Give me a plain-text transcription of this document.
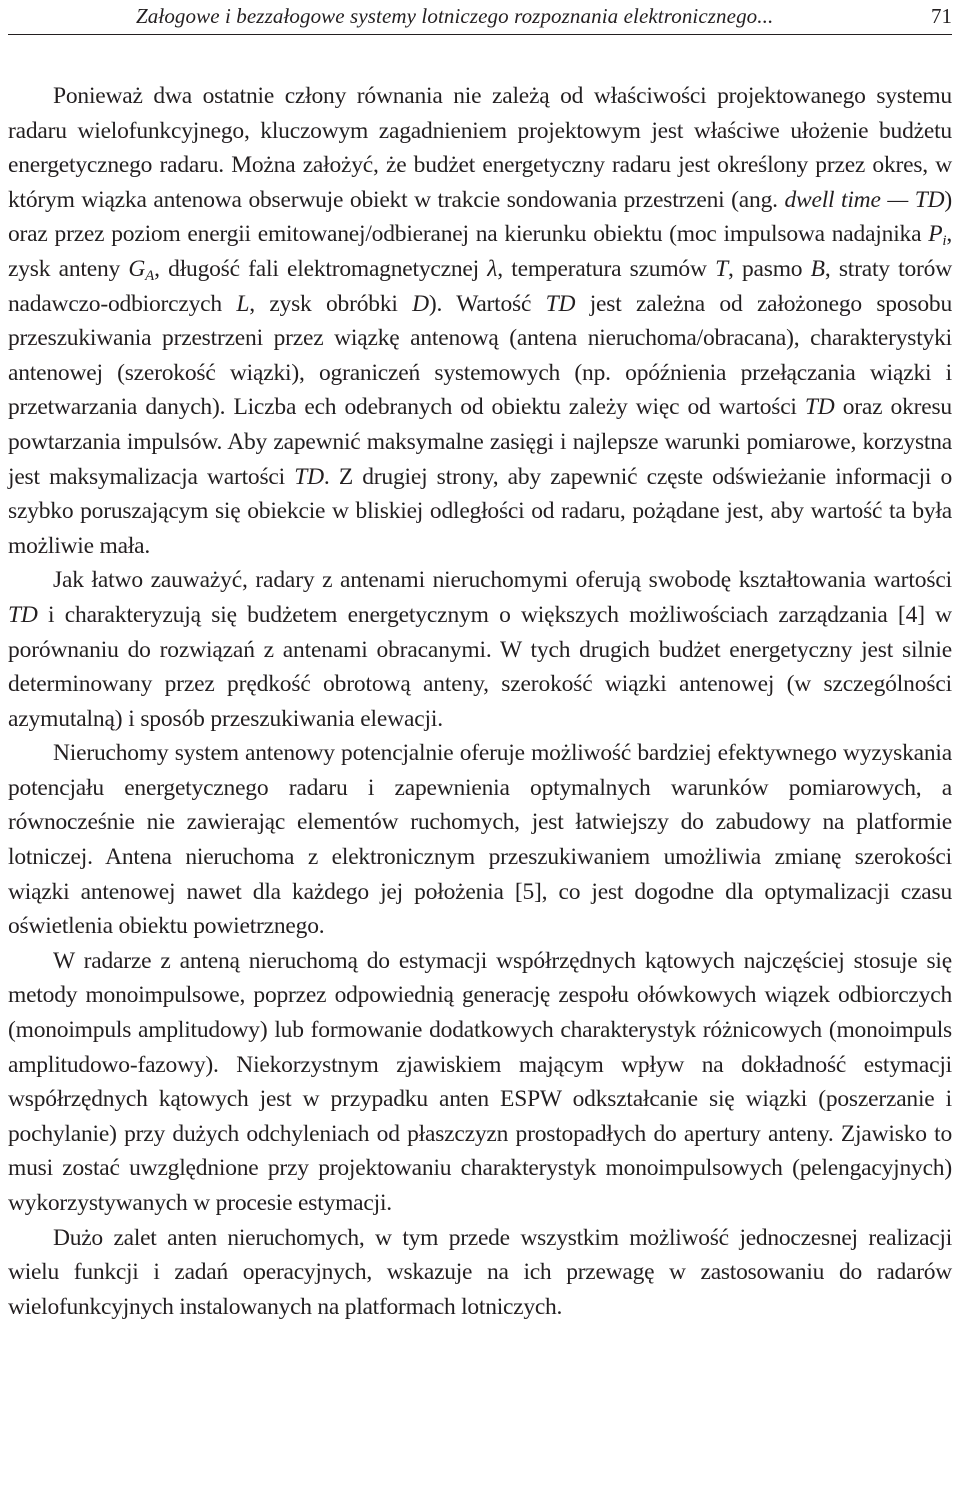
Załogowe i bezzałogowe systemy lotniczego rozpoznania elektronicznego...	71

Ponieważ dwa ostatnie człony równania nie zależą od właściwości projektowanego systemu radaru wielofunkcyjnego, kluczowym zagadnieniem projektowym jest właściwe ułożenie budżetu energetycznego radaru. Można założyć, że budżet energetyczny radaru jest określony przez okres, w którym wiązka antenowa obserwuje obiekt w trakcie sondowania przestrzeni (ang. dwell time — TD) oraz przez poziom energii emitowanej/odbieranej na kierunku obiektu (moc impulsowa nadajnika $P_i$, zysk anteny $G_A$, długość fali elektromagnetycznej λ, temperatura szumów T, pasmo B, straty torów nadawczo-odbiorczych L, zysk obróbki D). Wartość TD jest zależna od założonego sposobu przeszukiwania przestrzeni przez wiązkę antenową (antena nieruchoma/obracana), charakterystyki antenowej (szerokość wiązki), ograniczeń systemowych (np. opóźnienia przełączania wiązki i przetwarzania danych). Liczba ech odebranych od obiektu zależy więc od wartości TD oraz okresu powtarzania impulsów. Aby zapewnić maksymalne zasięgi i najlepsze warunki pomiarowe, korzystna jest maksymalizacja wartości TD. Z drugiej strony, aby zapewnić częste odświeżanie informacji o szybko poruszającym się obiekcie w bliskiej odległości od radaru, pożądane jest, aby wartość ta była możliwie mała.

Jak łatwo zauważyć, radary z antenami nieruchomymi oferują swobodę kształtowania wartości TD i charakteryzują się budżetem energetycznym o większych możliwościach zarządzania [4] w porównaniu do rozwiązań z antenami obracanymi. W tych drugich budżet energetyczny jest silnie determinowany przez prędkość obrotową anteny, szerokość wiązki antenowej (w szczególności azymutalną) i sposób przeszukiwania elewacji.

Nieruchomy system antenowy potencjalnie oferuje możliwość bardziej efektywnego wyzyskania potencjału energetycznego radaru i zapewnienia optymalnych warunków pomiarowych, a równocześnie nie zawierając elementów ruchomych, jest łatwiejszy do zabudowy na platformie lotniczej. Antena nieruchoma z elektronicznym przeszukiwaniem umożliwia zmianę szerokości wiązki antenowej nawet dla każdego jej położenia [5], co jest dogodne dla optymalizacji czasu oświetlenia obiektu powietrznego.

W radarze z anteną nieruchomą do estymacji współrzędnych kątowych najczęściej stosuje się metody monoimpulsowe, poprzez odpowiednią generację zespołu ołówkowych wiązek odbiorczych (monoimpuls amplitudowy) lub formowanie dodatkowych charakterystyk różnicowych (monoimpuls amplitudowo-fazowy). Niekorzystnym zjawiskiem mającym wpływ na dokładność estymacji współrzędnych kątowych jest w przypadku anten ESPW odkształcanie się wiązki (poszerzanie i pochylanie) przy dużych odchyleniach od płaszczyzn prostopadłych do apertury anteny. Zjawisko to musi zostać uwzględnione przy projektowaniu charakterystyk monoimpulsowych (pelengacyjnych) wykorzystywanych w procesie estymacji.

Dużo zalet anten nieruchomych, w tym przede wszystkim możliwość jednoczesnej realizacji wielu funkcji i zadań operacyjnych, wskazuje na ich przewagę w zastosowaniu do radarów wielofunkcyjnych instalowanych na platformach lotniczych.
